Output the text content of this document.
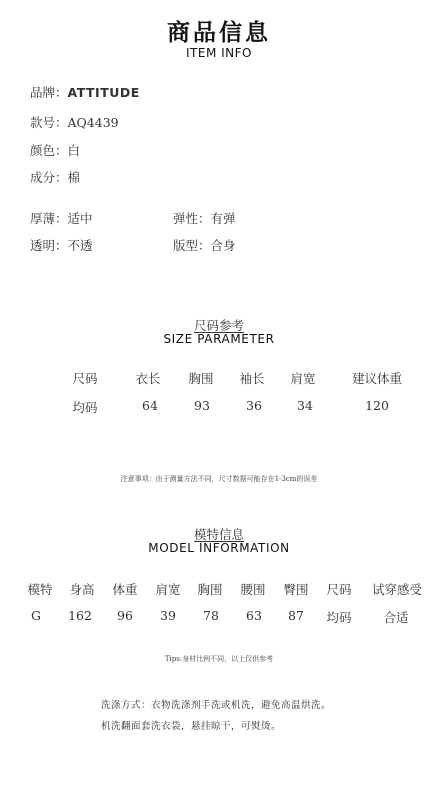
商品信息
ITEM INFO
品牌：ATTITUDE
款号：AQ4439
颜色：白
成分：棉
厚薄：适中	弹性：有弹
透明：不透	版型：合身
尺码参考
SIZE PARAMETER
尺码	衣长	胸围	袖长	肩宽	建议体重
均码	64	93	36	34	120
注意事项：由于测量方法不同，尺寸数据可能存在1-3cm的误差
模特信息
MODEL INFORMATION
模特	身高	体重	肩宽	胸围	腰围	臀围	尺码	试穿感受
G	162	96	39	78	63	87	均码	合适
Tips:身材比例不同，以上仅供参考
洗涤方式：衣物洗涤剂手洗或机洗，避免高温烘洗。
机洗翻面套洗衣袋，悬挂晾干，可熨烫。
